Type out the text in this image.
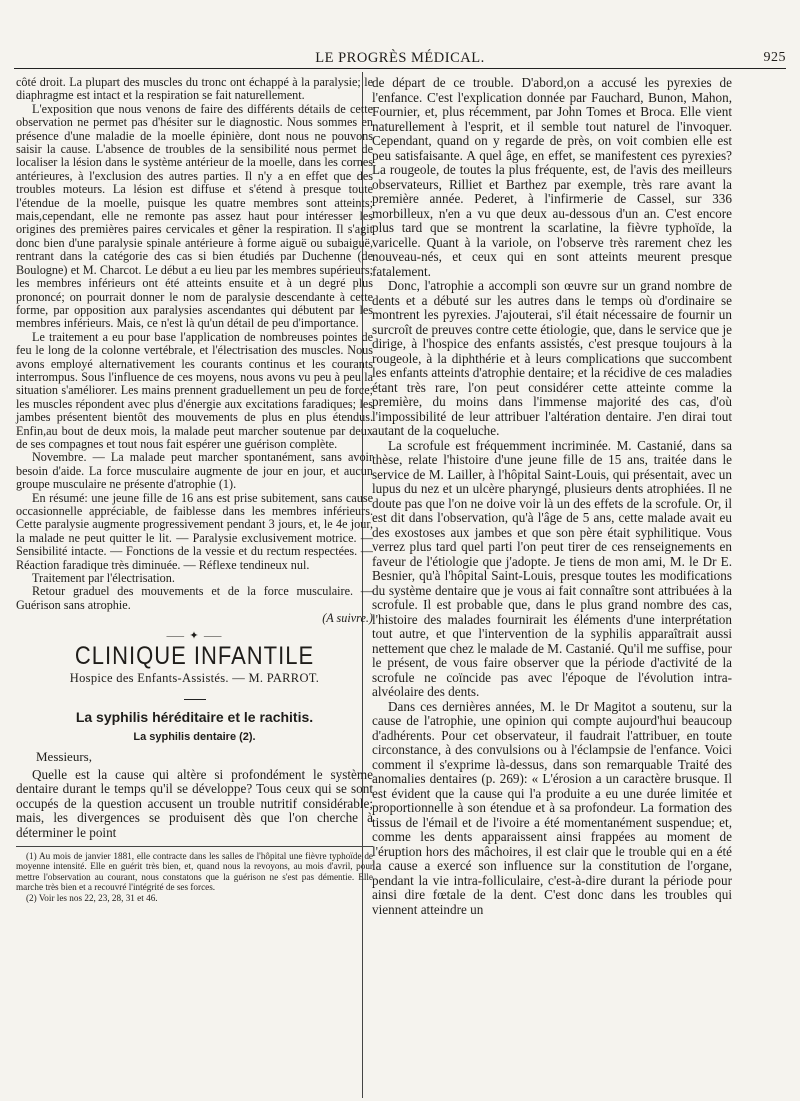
LE PROGRÈS MÉDICAL.	925

côté droit. La plupart des muscles du tronc ont échappé à la paralysie; le diaphragme est intact et la respiration se fait naturellement.

L'exposition que nous venons de faire des différents détails de cette observation ne permet pas d'hésiter sur le diagnostic. Nous sommes en présence d'une maladie de la moelle épinière, dont nous ne pouvons saisir la cause. L'absence de troubles de la sensibilité nous permet de localiser la lésion dans le système antérieur de la moelle, dans les cornes antérieures, à l'exclusion des autres parties. Il n'y a en effet que des troubles moteurs. La lésion est diffuse et s'étend à presque toute l'étendue de la moelle, puisque les quatre membres sont atteints; mais,cependant, elle ne remonte pas assez haut pour intéresser les origines des premières paires cervicales et gêner la respiration. Il s'agit donc bien d'une paralysie spinale antérieure à forme aiguë ou subaiguë, rentrant dans la catégorie des cas si bien étudiés par Duchenne (de Boulogne) et M. Charcot. Le début a eu lieu par les membres supérieurs; les membres inférieurs ont été atteints ensuite et à un degré plus prononcé; on pourrait donner le nom de paralysie descendante à cette forme, par opposition aux paralysies ascendantes qui débutent par les membres inférieurs. Mais, ce n'est là qu'un détail de peu d'importance.

Le traitement a eu pour base l'application de nombreuses pointes de feu le long de la colonne vertébrale, et l'électrisation des muscles. Nous avons employé alternativement les courants continus et les courants interrompus. Sous l'influence de ces moyens, nous avons vu peu à peu la situation s'améliorer. Les mains prennent graduellement un peu de force; les muscles répondent avec plus d'énergie aux excitations faradiques; les jambes présentent bientôt des mouvements de plus en plus étendus. Enfin,au bout de deux mois, la malade peut marcher soutenue par deux de ses compagnes et tout nous fait espérer une guérison complète.

Novembre. — La malade peut marcher spontanément, sans avoir besoin d'aide. La force musculaire augmente de jour en jour, et aucun groupe musculaire ne présente d'atrophie (1).

En résumé: une jeune fille de 16 ans est prise subitement, sans cause occasionnelle appréciable, de faiblesse dans les membres inférieurs. Cette paralysie augmente progressivement pendant 3 jours, et, le 4e jour, la malade ne peut quitter le lit. — Paralysie exclusivement motrice. — Sensibilité intacte. — Fonctions de la vessie et du rectum respectées. — Réaction faradique très diminuée. — Réflexe tendineux nul.

Traitement par l'électrisation.

Retour graduel des mouvements et de la force musculaire. — Guérison sans atrophie.

(A suivre.)
⸺ ✦ ⸺
CLINIQUE INFANTILE
Hospice des Enfants-Assistés. — M. PARROT.
La syphilis héréditaire et le rachitis.
La syphilis dentaire (2).
Messieurs,

Quelle est la cause qui altère si profondément le système dentaire durant le temps qu'il se développe? Tous ceux qui se sont occupés de la question accusent un trouble nutritif considérable; mais, les divergences se produisent dès que l'on cherche à déterminer le point

(1) Au mois de janvier 1881, elle contracte dans les salles de l'hôpital une fièvre typhoïde de moyenne intensité. Elle en guérit très bien, et, quand nous la revoyons, au mois d'avril, pour mettre l'observation au courant, nous constatons que la guérison ne s'est pas démentie. Elle marche très bien et a recouvré l'intégrité de ses forces.

(2) Voir les nos 22, 23, 28, 31 et 46.

de départ de ce trouble. D'abord,on a accusé les pyrexies de l'enfance. C'est l'explication donnée par Fauchard, Bunon, Mahon, Fournier, et, plus récemment, par John Tomes et Broca. Elle vient naturellement à l'esprit, et il semble tout naturel de l'invoquer. Cependant, quand on y regarde de près, on voit combien elle est peu satisfaisante. A quel âge, en effet, se manifestent ces pyrexies? La rougeole, de toutes la plus fréquente, est, de l'avis des meilleurs observateurs, Rilliet et Barthez par exemple, très rare avant la première année. Pederet, à l'infirmerie de Cassel, sur 336 morbilleux, n'en a vu que deux au-dessous d'un an. C'est encore plus tard que se montrent la scarlatine, la fièvre typhoïde, la varicelle. Quant à la variole, on l'observe très rarement chez les nouveau-nés, et ceux qui en sont atteints meurent presque fatalement.

Donc, l'atrophie a accompli son œuvre sur un grand nombre de dents et a débuté sur les autres dans le temps où d'ordinaire se montrent les pyrexies. J'ajouterai, s'il était nécessaire de fournir un surcroît de preuves contre cette étiologie, que, dans le service que je dirige, à l'hospice des enfants assistés, c'est presque toujours à la rougeole, à la diphthérie et à leurs complications que succombent les enfants atteints d'atrophie dentaire; et la récidive de ces maladies étant très rare, l'on peut considérer cette atteinte comme la première, du moins dans l'immense majorité des cas, d'où l'impossibilité de leur attribuer l'altération dentaire. J'en dirai tout autant de la coqueluche.

La scrofule est fréquemment incriminée. M. Castanié, dans sa thèse, relate l'histoire d'une jeune fille de 15 ans, traitée dans le service de M. Lailler, à l'hôpital Saint-Louis, qui présentait, avec un lupus du nez et un ulcère pharyngé, plusieurs dents atrophiées. Il ne doute pas que l'on ne doive voir là un des effets de la scrofule. Or, il est dit dans l'observation, qu'à l'âge de 5 ans, cette malade avait eu des exostoses aux jambes et que son père était syphilitique. Vous verrez plus tard quel parti l'on peut tirer de ces renseignements en faveur de l'étiologie que j'adopte. Je tiens de mon ami, M. le Dr E. Besnier, qu'à l'hôpital Saint-Louis, presque toutes les modifications du système dentaire que je vous ai fait connaître sont attribuées à la scrofule. Il est probable que, dans le plus grand nombre des cas, l'histoire des malades fournirait les éléments d'une interprétation tout autre, et que l'intervention de la syphilis apparaîtrait aussi nettement que chez le malade de M. Castanié. Qu'il me suffise, pour le présent, de vous faire observer que la période d'activité de la scrofule ne coïncide pas avec l'époque de l'évolution intra-alvéolaire des dents.

Dans ces dernières années, M. le Dr Magitot a soutenu, sur la cause de l'atrophie, une opinion qui compte aujourd'hui beaucoup d'adhérents. Pour cet observateur, il faudrait l'attribuer, en toute circonstance, à des convulsions ou à l'éclampsie de l'enfance. Voici comment il s'exprime là-dessus, dans son remarquable Traité des anomalies dentaires (p. 269): « L'érosion a un caractère brusque. Il est évident que la cause qui l'a produite a eu une durée limitée et proportionnelle à son étendue et à sa profondeur. La formation des tissus de l'émail et de l'ivoire a été momentanément suspendue; et, comme les dents apparaissent ainsi frappées au moment de l'éruption hors des mâchoires, il est clair que le trouble qui en a été la cause a exercé son influence sur la constitution de l'organe, pendant la vie intra-folliculaire, c'est-à-dire durant la période pour ainsi dire fœtale de la dent. C'est donc dans les troubles qui viennent atteindre un
